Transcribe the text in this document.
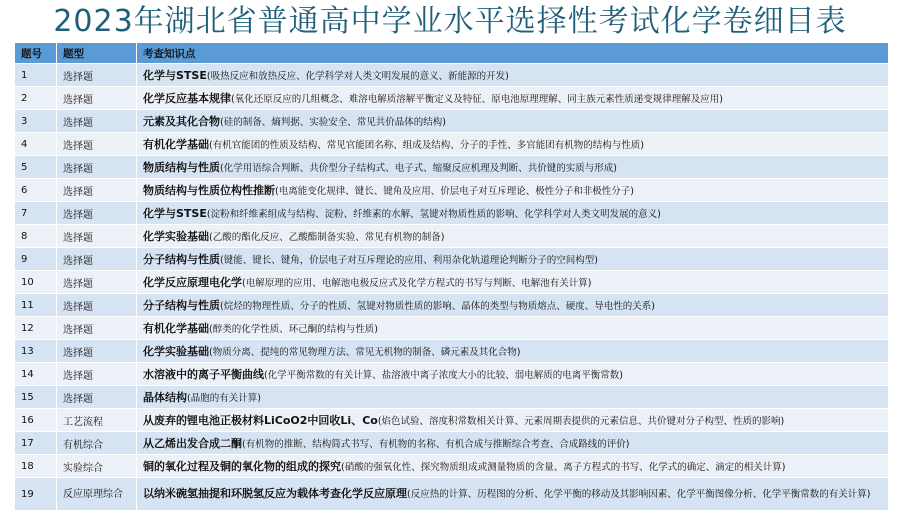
2023年湖北省普通高中学业水平选择性考试化学卷细目表
题号	题型	考查知识点
1	选择题	化学与STSE(吸热反应和放热反应、化学科学对人类文明发展的意义、新能源的开发)
2	选择题	化学反应基本规律(氧化还原反应的几组概念、难溶电解质溶解平衡定义及特征、原电池原理理解、同主族元素性质递变规律理解及应用)
3	选择题	元素及其化合物(硅的制备、熵判据、实验安全、常见共价晶体的结构)
4	选择题	有机化学基础(有机官能团的性质及结构、常见官能团名称、组成及结构、分子的手性、多官能团有机物的结构与性质)
5	选择题	物质结构与性质(化学用语综合判断、共价型分子结构式、电子式、缩聚反应机理及判断、共价键的实质与形成)
6	选择题	物质结构与性质位构性推断(电离能变化规律、键长、键角及应用、价层电子对互斥理论、极性分子和非极性分子)
7	选择题	化学与STSE(淀粉和纤维素组成与结构、淀粉、纤维素的水解、氢键对物质性质的影响、化学科学对人类文明发展的意义)
8	选择题	化学实验基础(乙酸的酯化反应、乙酸酯制备实验、常见有机物的制备)
9	选择题	分子结构与性质(键能、键长、键角，价层电子对互斥理论的应用、利用杂化轨道理论判断分子的空间构型)
10	选择题	化学反应原理电化学(电解原理的应用、电解池电极反应式及化学方程式的书写与判断、电解池有关计算)
11	选择题	分子结构与性质(烷烃的物理性质、分子的性质、氢键对物质性质的影响、晶体的类型与物质熔点、硬度、导电性的关系)
12	选择题	有机化学基础(醇类的化学性质、环己酮的结构与性质)
13	选择题	化学实验基础(物质分离、提纯的常见物理方法、常见无机物的制备、磷元素及其化合物)
14	选择题	水溶液中的离子平衡曲线(化学平衡常数的有关计算、盐溶液中离子浓度大小的比较、弱电解质的电离平衡常数)
15	选择题	晶体结构(晶胞的有关计算)
16	工艺流程	从废弃的锂电池正极材料LiCoO2中回收Li、Co(焰色试验、溶度积常数相关计算、元素周期表提供的元素信息、共价键对分子构型、性质的影响)
17	有机综合	从乙烯出发合成二酮(有机物的推断、结构简式书写、有机物的名称、有机合成与推断综合考查、合成路线的评价)
18	实验综合	铜的氧化过程及铜的氧化物的组成的探究(硝酸的强氧化性、探究物质组成或测量物质的含量、离子方程式的书写、化学式的确定、滴定的相关计算)
19	反应原理综合	以纳米碗氢抽提和环脱氢反应为载体考查化学反应原理(反应热的计算、历程图的分析、化学平衡的移动及其影响因素、化学平衡图像分析、化学平衡常数的有关计算)
